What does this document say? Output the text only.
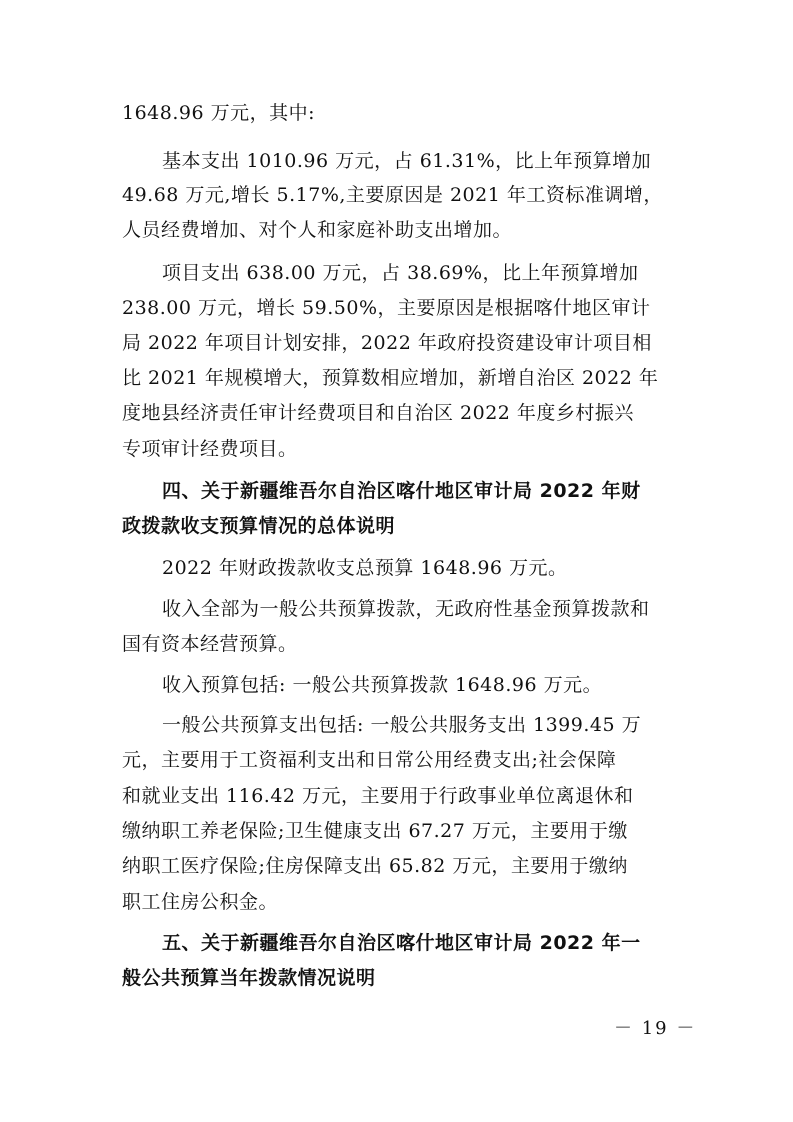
1648.96 万元，其中:
基本支出 1010.96 万元，占 61.31%，比上年预算增加
49.68 万元,增长 5.17%,主要原因是 2021 年工资标准调增，
人员经费增加、对个人和家庭补助支出增加。
项目支出 638.00 万元，占 38.69%，比上年预算增加
238.00 万元，增长 59.50%，主要原因是根据喀什地区审计
局 2022 年项目计划安排，2022 年政府投资建设审计项目相
比 2021 年规模增大，预算数相应增加，新增自治区 2022 年
度地县经济责任审计经费项目和自治区 2022 年度乡村振兴
专项审计经费项目。
四、关于新疆维吾尔自治区喀什地区审计局 2022 年财
政拨款收支预算情况的总体说明
2022 年财政拨款收支总预算 1648.96 万元。
收入全部为一般公共预算拨款，无政府性基金预算拨款和
国有资本经营预算。
收入预算包括: 一般公共预算拨款 1648.96 万元。
一般公共预算支出包括: 一般公共服务支出 1399.45 万
元，主要用于工资福利支出和日常公用经费支出;社会保障
和就业支出 116.42 万元，主要用于行政事业单位离退休和
缴纳职工养老保险;卫生健康支出 67.27 万元，主要用于缴
纳职工医疗保险;住房保障支出 65.82 万元，主要用于缴纳
职工住房公积金。
五、关于新疆维吾尔自治区喀什地区审计局 2022 年一
般公共预算当年拨款情况说明
－ 19 －
